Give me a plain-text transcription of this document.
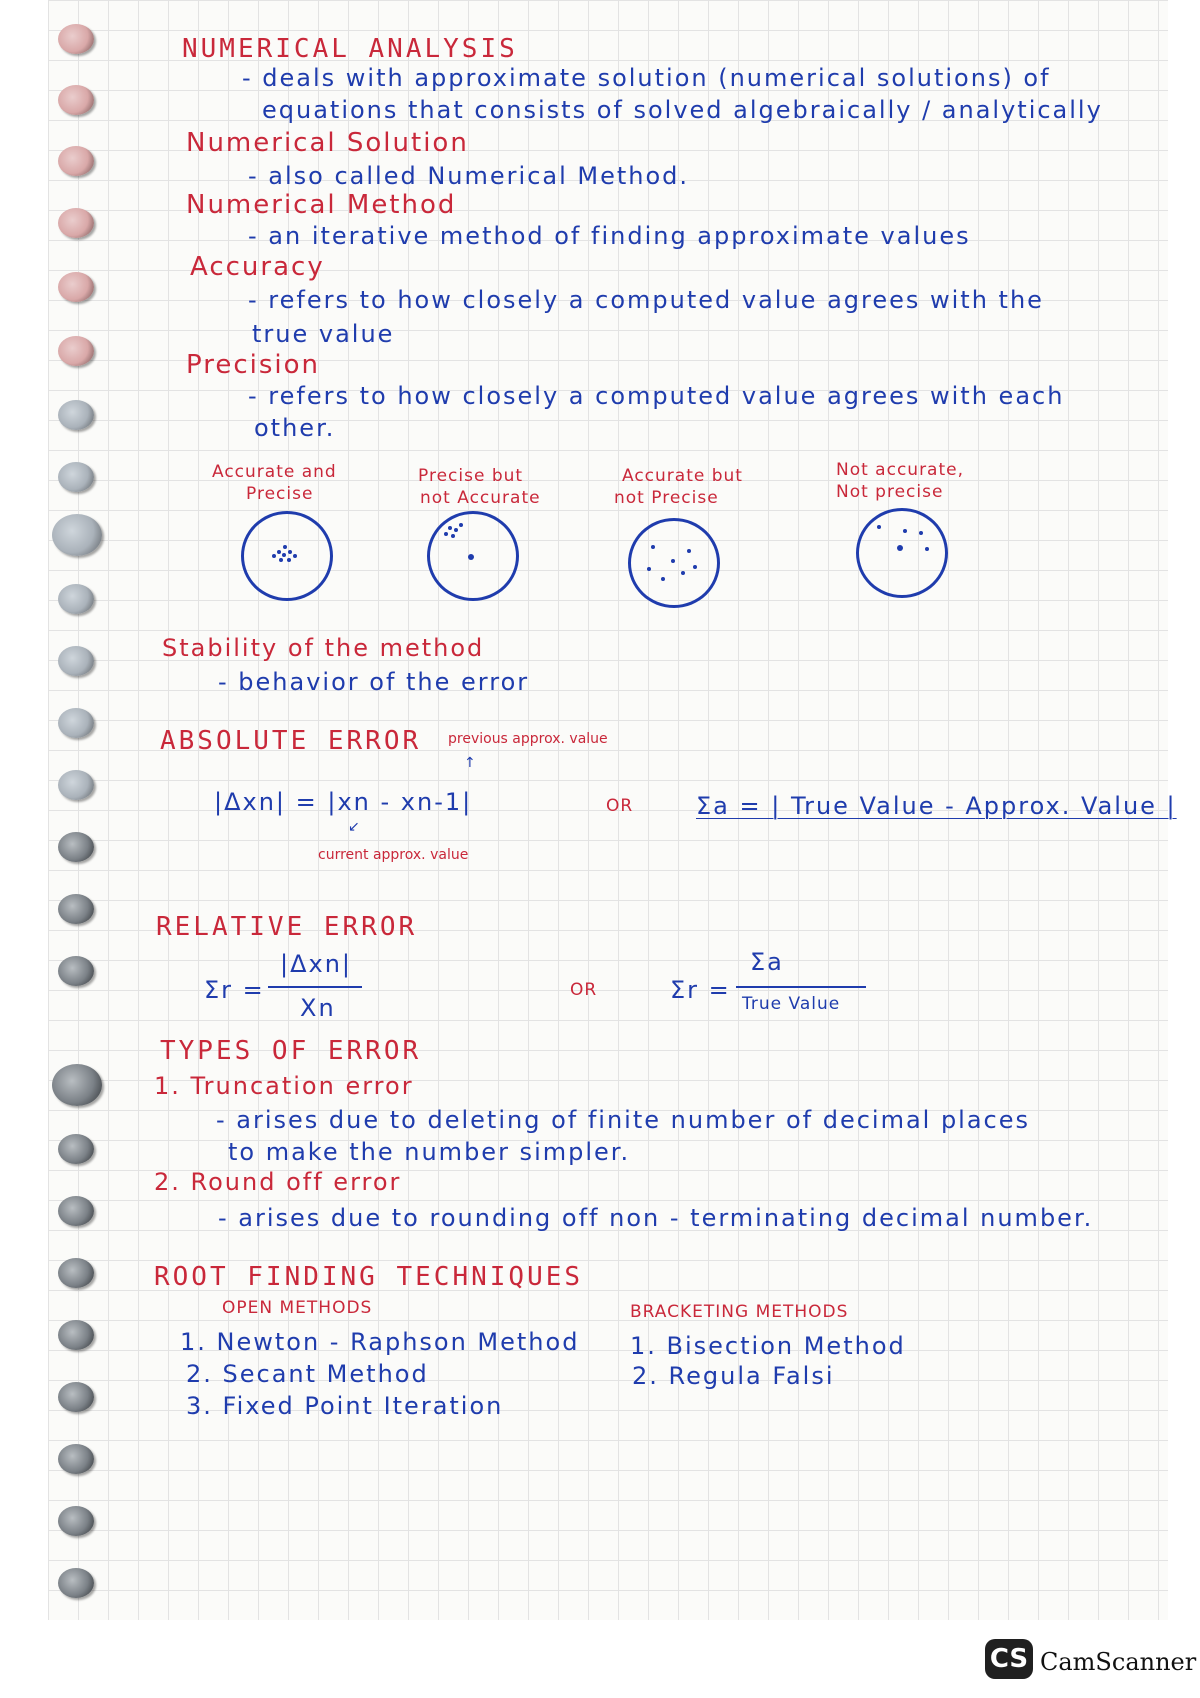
NUMERICAL ANALYSIS
- deals with approximate solution (numerical solutions) of
equations that consists of solved algebraically / analytically
Numerical Solution
- also called Numerical Method.
Numerical Method
- an iterative method of finding approximate values
Accuracy
- refers to how closely a computed value agrees with the
true value
Precision
- refers to how closely a computed value agrees with each
other.
Accurate and
Precise
Precise but
not Accurate
Accurate but
not Precise
Not accurate,
Not precise
Stability of the method
- behavior of the error
ABSOLUTE ERROR previous approx. value
↑
|Δxn| = |xn - xn-1|
↙
current approx. value
OR	Σa = | True Value - Approx. Value |
RELATIVE ERROR
Σr =
|Δxn|
Xn
OR	Σr =
Σa
True Value
TYPES OF ERROR
1. Truncation error
- arises due to deleting of finite number of decimal places
to make the number simpler.
2. Round off error
- arises due to rounding off non - terminating decimal number.
ROOT FINDING TECHNIQUES
OPEN METHODS
1. Newton - Raphson Method
2. Secant Method
3. Fixed Point Iteration
BRACKETING METHODS
1. Bisection Method
2. Regula Falsi
CS CamScanner
